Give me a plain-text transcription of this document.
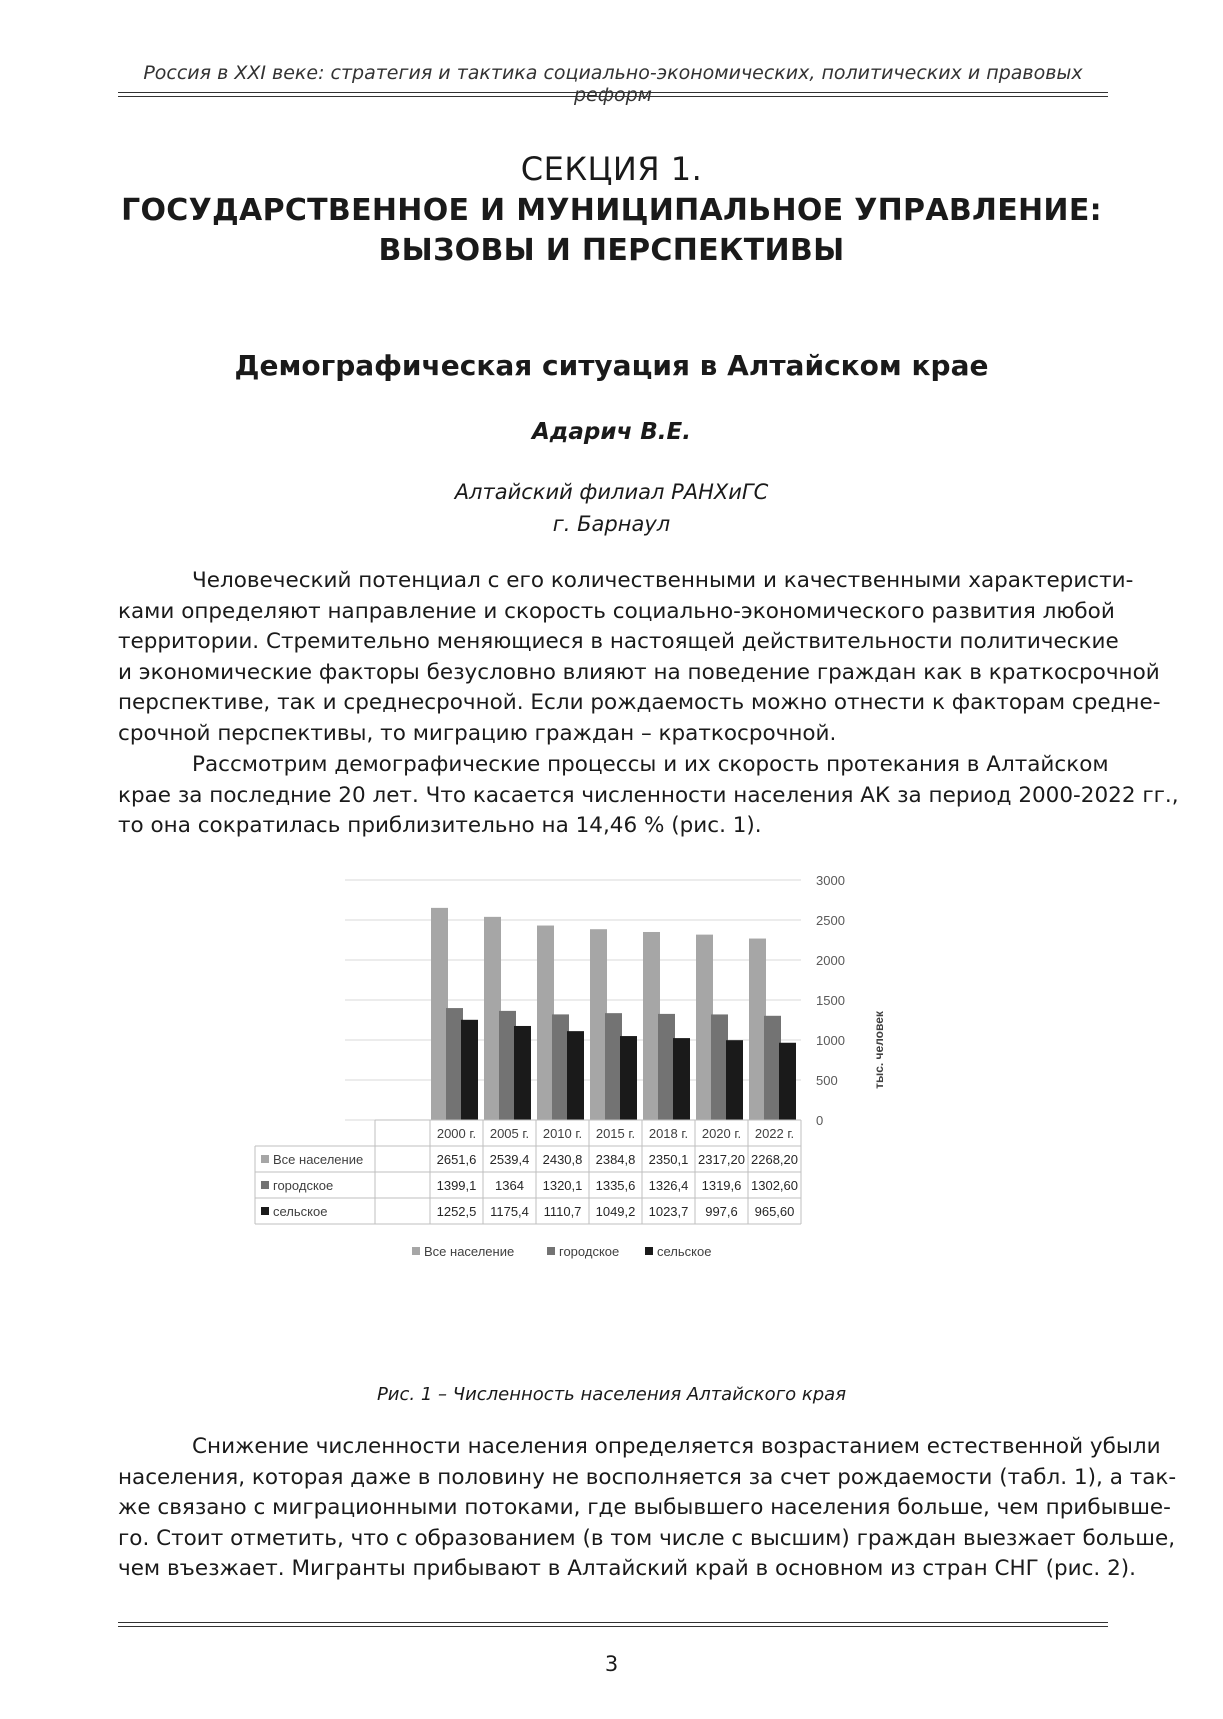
Россия в XXI веке: стратегия и тактика социально-экономических, политических и правовых реформ
СЕКЦИЯ 1.
ГОСУДАРСТВЕННОЕ И МУНИЦИПАЛЬНОЕ УПРАВЛЕНИЕ:
ВЫЗОВЫ И ПЕРСПЕКТИВЫ
Демографическая ситуация в Алтайском крае
Адарич В.Е.
Алтайский филиал РАНХиГС
г. Барнаул
Человеческий потенциал с его количественными и качественными характеристи-
ками определяют направление и скорость социально-экономического развития любой
территории. Стремительно меняющиеся в настоящей действительности политические
и экономические факторы безусловно влияют на поведение граждан как в краткосрочной
перспективе, так и среднесрочной. Если рождаемость можно отнести к факторам средне-
срочной перспективы, то миграцию граждан – краткосрочной.
Рассмотрим демографические процессы и их скорость протекания в Алтайском
крае за последние 20 лет. Что касается численности населения АК за период 2000-2022 гг.,
то она сократилась приблизительно на 14,46 % (рис. 1).
0
500
1000
1500
2000
2500
3000
тыс. человек
2000 г. 2005 г. 2010 г. 2015 г. 2018 г. 2020 г. 2022 г.
Все население	2651,6 2539,4 2430,8 2384,8 2350,1 2317,20 2268,20
городское	1399,1 1364 1320,1 1335,6 1326,4 1319,6 1302,60
сельское	1252,5 1175,4 1110,7 1049,2 1023,7 997,6 965,60
Все население	городское	сельское
Рис. 1 – Численность населения Алтайского края
Снижение численности населения определяется возрастанием естественной убыли
населения, которая даже в половину не восполняется за счет рождаемости (табл. 1), а так-
же связано с миграционными потоками, где выбывшего населения больше, чем прибывше-
го. Стоит отметить, что с образованием (в том числе с высшим) граждан выезжает больше,
чем въезжает. Мигранты прибывают в Алтайский край в основном из стран СНГ (рис. 2).
3
